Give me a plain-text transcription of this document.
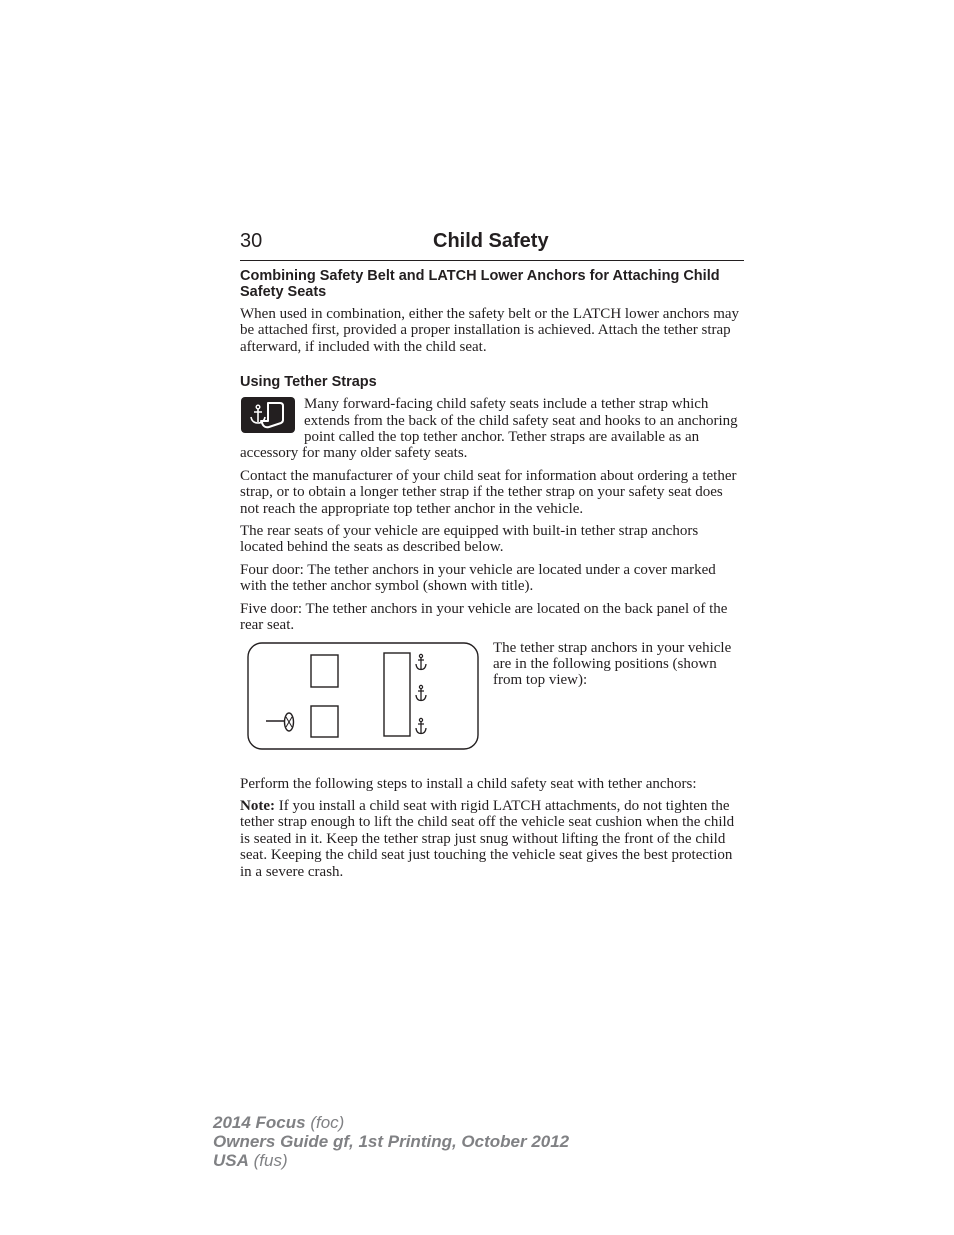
30	Child Safety
Combining Safety Belt and LATCH Lower Anchors for Attaching Child Safety Seats

When used in combination, either the safety belt or the LATCH lower anchors may be attached first, provided a proper installation is achieved. Attach the tether strap afterward, if included with the child seat.

Using Tether Straps

Many forward-facing child safety seats include a tether strap which extends from the back of the child safety seat and hooks to an anchoring point called the top tether anchor. Tether straps are available as an accessory for many older safety seats.

Contact the manufacturer of your child seat for information about ordering a tether strap, or to obtain a longer tether strap if the tether strap on your safety seat does not reach the appropriate top tether anchor in the vehicle.

The rear seats of your vehicle are equipped with built-in tether strap anchors located behind the seats as described below.

Four door: The tether anchors in your vehicle are located under a cover marked with the tether anchor symbol (shown with title).

Five door: The tether anchors in your vehicle are located on the back panel of the rear seat.

The tether strap anchors in your vehicle are in the following positions (shown from top view):

Perform the following steps to install a child safety seat with tether anchors:

Note: If you install a child seat with rigid LATCH attachments, do not tighten the tether strap enough to lift the child seat off the vehicle seat cushion when the child is seated in it. Keep the tether strap just snug without lifting the front of the child seat. Keeping the child seat just touching the vehicle seat gives the best protection in a severe crash.

2014 Focus (foc)
Owners Guide gf, 1st Printing, October 2012
USA (fus)
